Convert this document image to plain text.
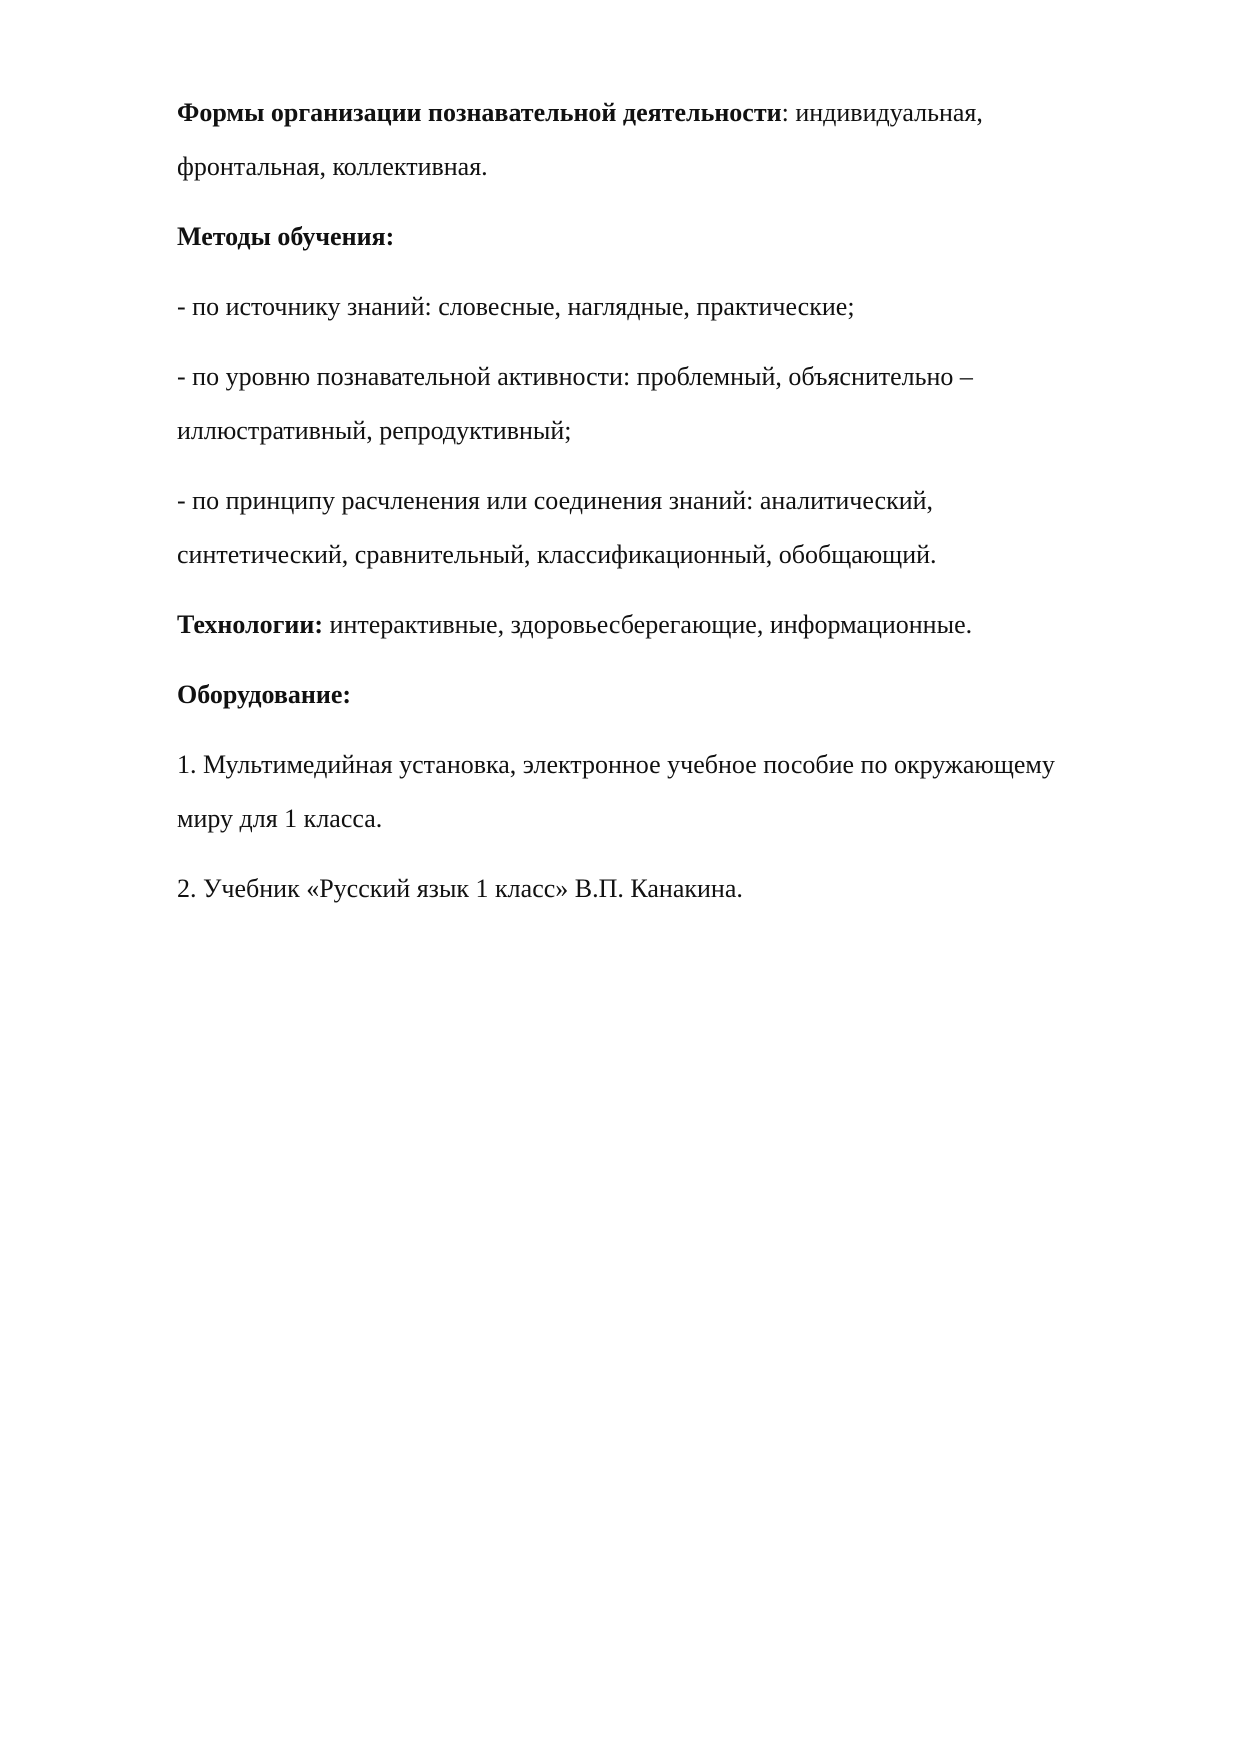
Формы организации познавательной деятельности: индивидуальная, фронтальная, коллективная.

Методы обучения:

- по источнику знаний: словесные, наглядные, практические;

- по уровню познавательной активности: проблемный, объяснительно – иллюстративный, репродуктивный;

- по принципу расчленения или соединения знаний: аналитический, синтетический, сравнительный, классификационный, обобщающий.

Технологии: интерактивные, здоровьесберегающие, информационные.

Оборудование:

1. Мультимедийная установка, электронное учебное пособие по окружающему миру для 1 класса.

2. Учебник «Русский язык 1 класс» В.П. Канакина.
